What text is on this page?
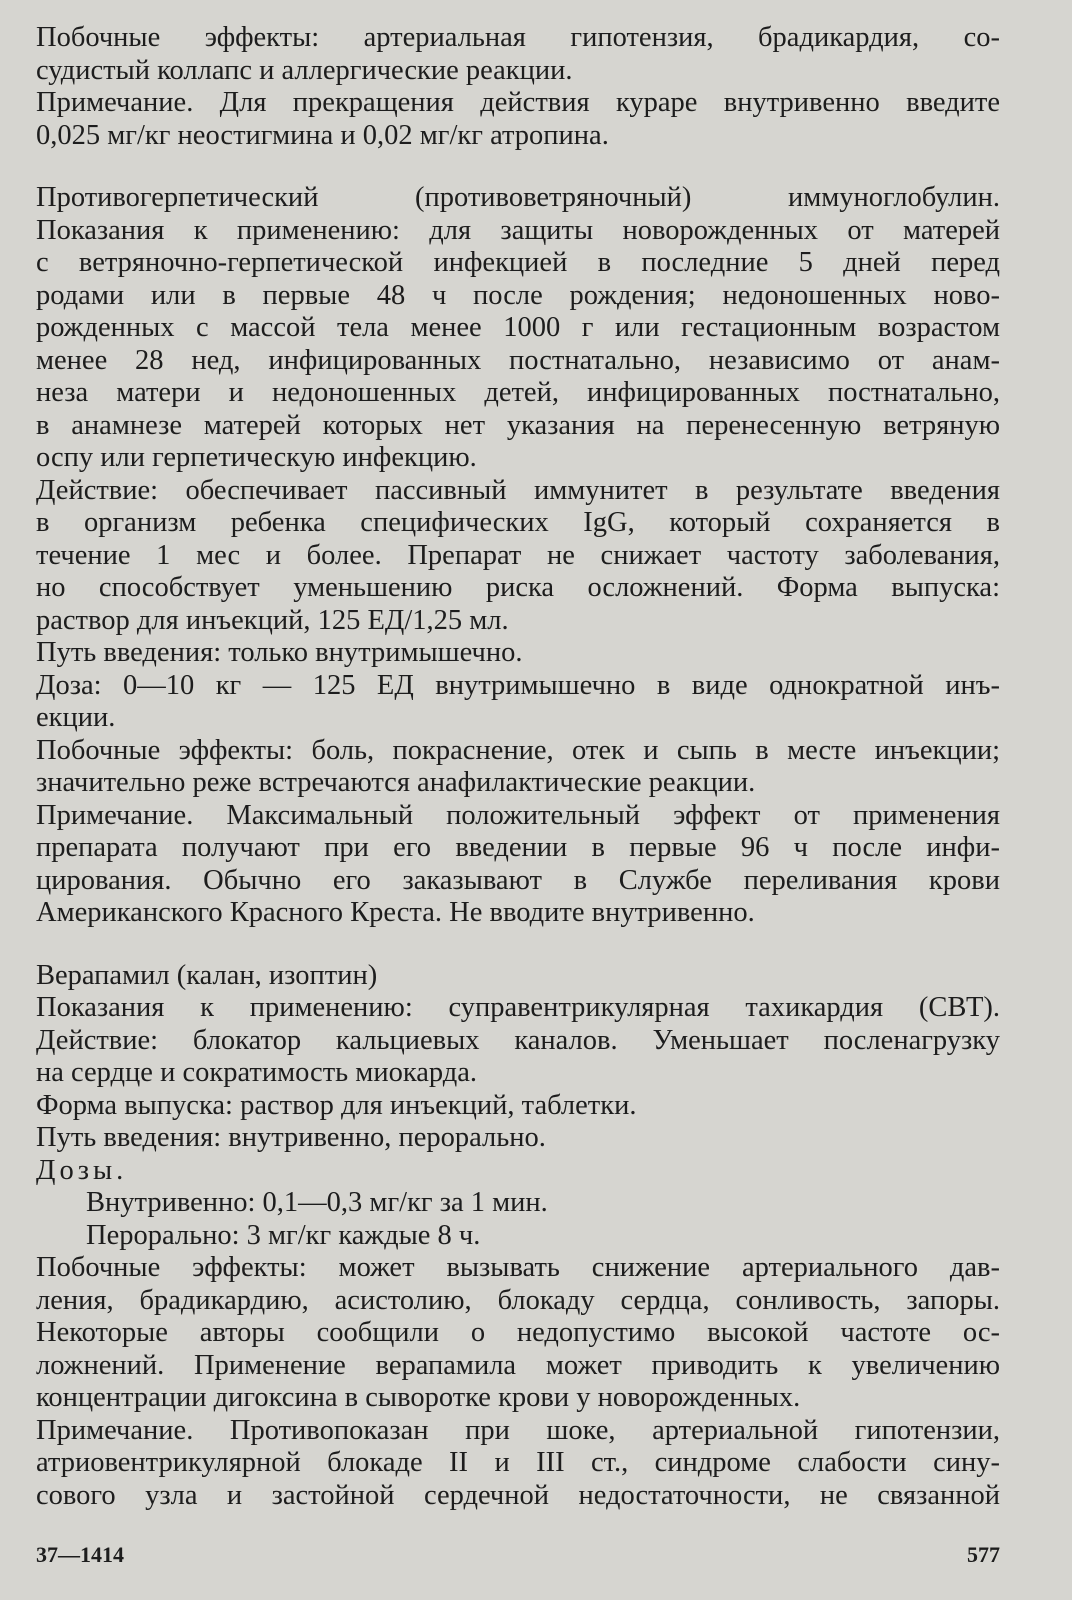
Побочные эффекты: артериальная гипотензия, брадикардия, со-
судистый коллапс и аллергические реакции.
Примечание. Для прекращения действия кураре внутривенно введите
0,025 мг/кг неостигмина и 0,02 мг/кг атропина.
Противогерпетический (противоветряночный) иммуноглобулин.
Показания к применению: для защиты новорожденных от матерей
с ветряночно-герпетической инфекцией в последние 5 дней перед
родами или в первые 48 ч после рождения; недоношенных ново-
рожденных с массой тела менее 1000 г или гестационным возрастом
менее 28 нед, инфицированных постнатально, независимо от анам-
неза матери и недоношенных детей, инфицированных постнатально,
в анамнезе матерей которых нет указания на перенесенную ветряную
оспу или герпетическую инфекцию.
Действие: обеспечивает пассивный иммунитет в результате введения
в организм ребенка специфических IgG, который сохраняется в
течение 1 мес и более. Препарат не снижает частоту заболевания,
но способствует уменьшению риска осложнений. Форма выпуска:
раствор для инъекций, 125 ЕД/1,25 мл.
Путь введения: только внутримышечно.
Доза: 0—10 кг — 125 ЕД внутримышечно в виде однократной инъ-
екции.
Побочные эффекты: боль, покраснение, отек и сыпь в месте инъекции;
значительно реже встречаются анафилактические реакции.
Примечание. Максимальный положительный эффект от применения
препарата получают при его введении в первые 96 ч после инфи-
цирования. Обычно его заказывают в Службе переливания крови
Американского Красного Креста. Не вводите внутривенно.
Верапамил (калан, изоптин)
Показания к применению: суправентрикулярная тахикардия (СВТ).
Действие: блокатор кальциевых каналов. Уменьшает посленагрузку
на сердце и сократимость миокарда.
Форма выпуска: раствор для инъекций, таблетки.
Путь введения: внутривенно, перорально.
Дозы.
Внутривенно: 0,1—0,3 мг/кг за 1 мин.
Перорально: 3 мг/кг каждые 8 ч.
Побочные эффекты: может вызывать снижение артериального дав-
ления, брадикардию, асистолию, блокаду сердца, сонливость, запоры.
Некоторые авторы сообщили о недопустимо высокой частоте ос-
ложнений. Применение верапамила может приводить к увеличению
концентрации дигоксина в сыворотке крови у новорожденных.
Примечание. Противопоказан при шоке, артериальной гипотензии,
атриовентрикулярной блокаде II и III ст., синдроме слабости сину-
сового узла и застойной сердечной недостаточности, не связанной
37—1414	577
